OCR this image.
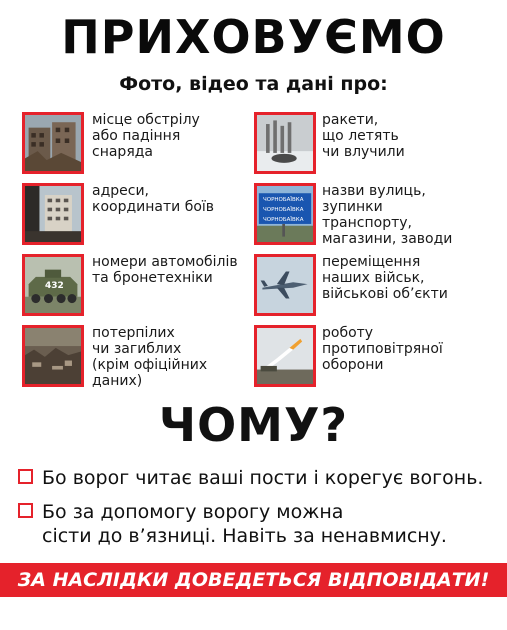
ПРИХОВУЄМО
Фото, відео та дані про:
місце обстрілу
або падіння
снаряда
ракети,
що летять
чи влучили
адреси,
координати боїв	ЧОРНОБАЇВКА
ЧОРНОБАЇВКА
ЧОРНОБАЇВКА
назви вулиць,
зупинки
транспорту,
магазини, заводи
432
номери автомобілів
та бронетехніки
переміщення
наших військ,
військові об’єкти
потерпілих
чи загиблих
(крім офіційних
даних)
роботу
протиповітряної
оборони
ЧОМУ?
Бо ворог читає ваші пости і корегує вогонь.
Бо за допомогу ворогу можна
сісти до в’язниці. Навіть за ненавмисну.
ЗА НАСЛІДКИ ДОВЕДЕТЬСЯ ВІДПОВІДАТИ!
